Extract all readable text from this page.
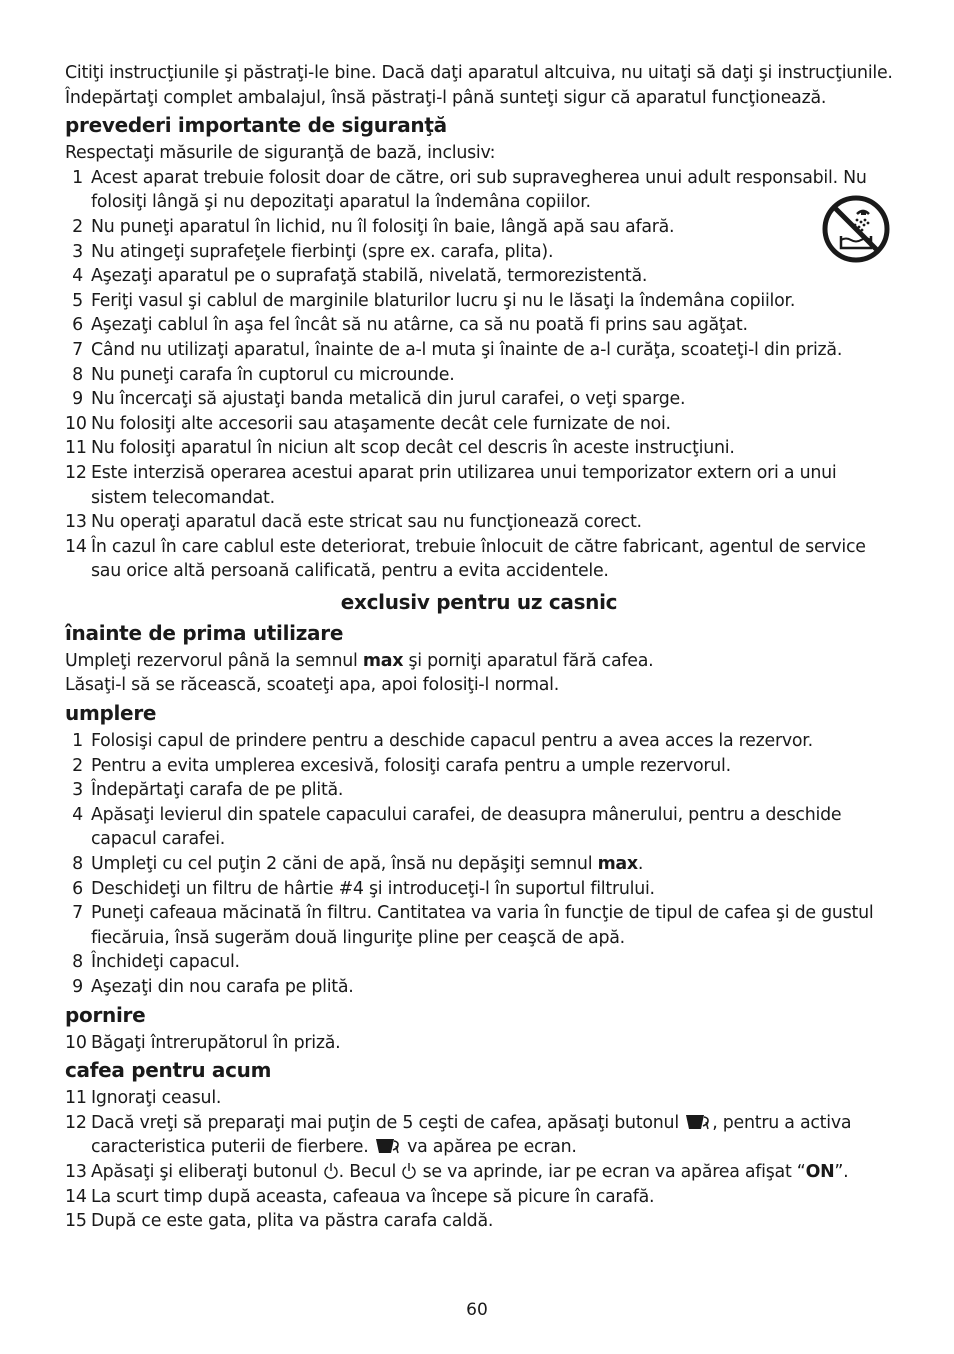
Citiţi instrucţiunile şi păstraţi-le bine. Dacă daţi aparatul altcuiva, nu uitaţi să daţi şi instrucţiunile.

Îndepărtaţi complet ambalajul, însă păstraţi-l până sunteţi sigur că aparatul funcţionează.

prevederi importante de siguranţă

Respectaţi măsurile de siguranţă de bază, inclusiv:

1 Acest aparat trebuie folosit doar de către, ori sub supravegherea unui adult responsabil. Nu folosiţi lângă şi nu depozitaţi aparatul la îndemâna copiilor.
2 Nu puneţi aparatul în lichid, nu îl folosiţi în baie, lângă apă sau afară.
3 Nu atingeţi suprafeţele fierbinţi (spre ex. carafa, plita).
4 Aşezaţi aparatul pe o suprafaţă stabilă, nivelată, termorezistentă.
5 Feriţi vasul şi cablul de marginile blaturilor lucru şi nu le lăsaţi la îndemâna copiilor.
6 Aşezaţi cablul în aşa fel încât să nu atârne, ca să nu poată fi prins sau agăţat.
7 Când nu utilizaţi aparatul, înainte de a-l muta şi înainte de a-l curăţa, scoateţi-l din priză.
8 Nu puneţi carafa în cuptorul cu microunde.
9 Nu încercaţi să ajustaţi banda metalică din jurul carafei, o veţi sparge.
10 Nu folosiţi alte accesorii sau ataşamente decât cele furnizate de noi.
11 Nu folosiţi aparatul în niciun alt scop decât cel descris în aceste instrucţiuni.
12 Este interzisă operarea acestui aparat prin utilizarea unui temporizator extern ori a unui sistem telecomandat.
13 Nu operaţi aparatul dacă este stricat sau nu funcţionează corect.
14 În cazul în care cablul este deteriorat, trebuie înlocuit de către fabricant, agentul de service sau orice altă persoană calificată, pentru a evita accidentele.
exclusiv pentru uz casnic
înainte de prima utilizare

Umpleţi rezervorul până la semnul max şi porniţi aparatul fără cafea.

Lăsaţi-l să se răcească, scoateţi apa, apoi folosiţi-l normal.

umplere
1 Folosişi capul de prindere pentru a deschide capacul pentru a avea acces la rezervor.
2 Pentru a evita umplerea excesivă, folosiţi carafa pentru a umple rezervorul.
3 Îndepărtaţi carafa de pe plită.
4 Apăsaţi levierul din spatele capacului carafei, de deasupra mânerului, pentru a deschide capacul carafei.
8 Umpleţi cu cel puţin 2 căni de apă, însă nu depăşiţi semnul max.
6 Deschideţi un filtru de hârtie #4 şi introduceţi-l în suportul filtrului.
7 Puneţi cafeaua măcinată în filtru. Cantitatea va varia în funcţie de tipul de cafea şi de gustul fiecăruia, însă sugerăm două linguriţe pline per ceaşcă de apă.
8 Închideţi capacul.
9 Aşezaţi din nou carafa pe plită.
pornire
10 Băgaţi întrerupătorul în priză.
cafea pentru acum
11 Ignoraţi ceasul.
12 Dacă vreţi să preparaţi mai puţin de 5 ceşti de cafea, apăsaţi butonul , pentru a activa caracteristica puterii de fierbere.  va apărea pe ecran.
13 Apăsaţi şi eliberaţi butonul . Becul  se va aprinde, iar pe ecran va apărea afişat “ON”.
14 La scurt timp după aceasta, cafeaua va începe să picure în carafă.
15 După ce este gata, plita va păstra carafa caldă.
60
